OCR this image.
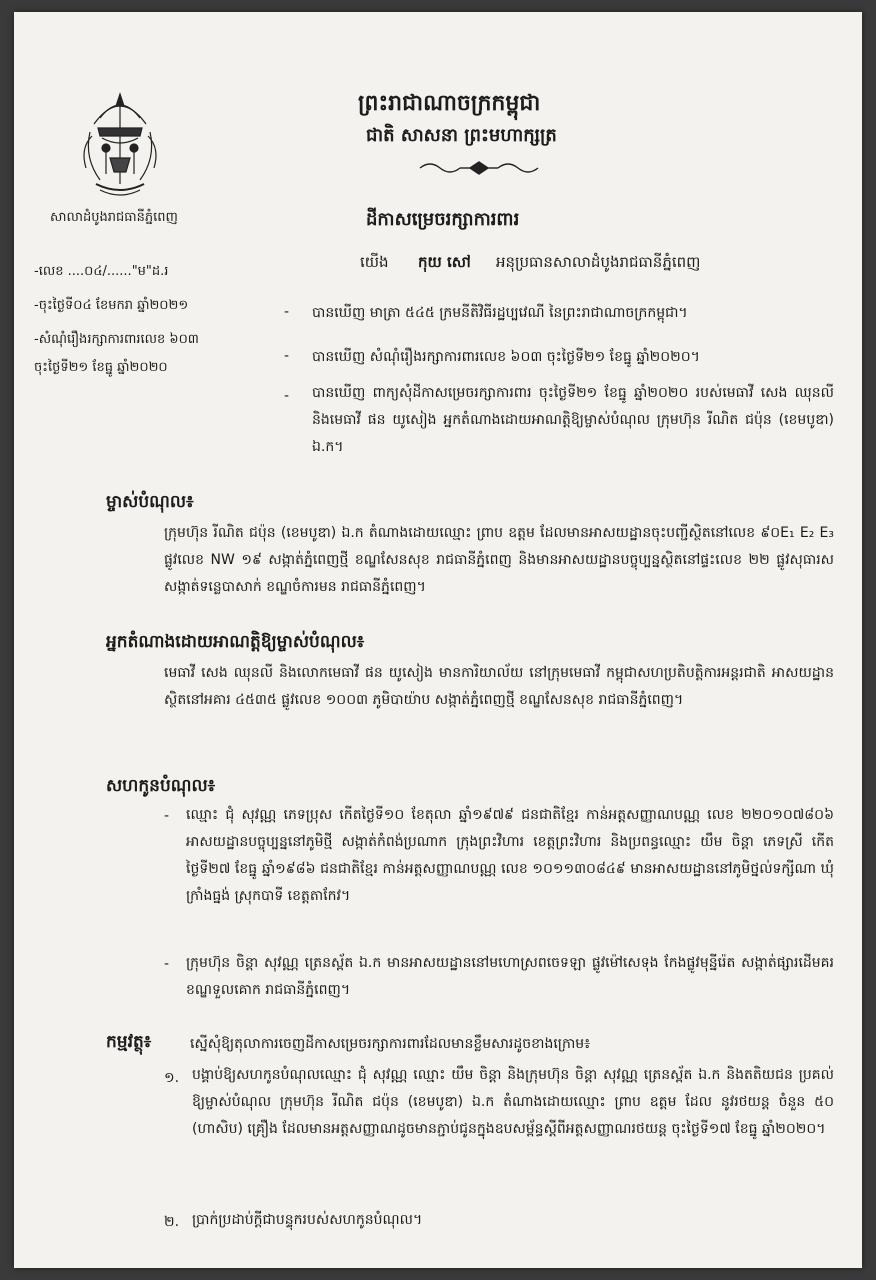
សាលាដំបូងរាជធានីភ្នំពេញ
ព្រះរាជាណាចក្រកម្ពុជា
ជាតិ សាសនា ព្រះមហាក្សត្រ
ដីកាសម្រេចរក្សាការពារ
យើង កុយ សៅ អនុប្រធានសាលាដំបូងរាជធានីភ្នំពេញ
-លេខ ....០៤/......"ម"ដ.រ
-ចុះថ្ងៃទី០៤ ខែមករា ឆ្នាំ២០២១
-សំណុំរឿងរក្សាការពារលេខ ៦០៣
ចុះថ្ងៃទី២១ ខែធ្នូ ឆ្នាំ២០២០
- បានឃើញ មាត្រា ៥៤៥ ក្រមនីតិវិធីរដ្ឋប្បវេណី នៃព្រះរាជាណាចក្រកម្ពុជា។
- បានឃើញ សំណុំរឿងរក្សាការពារលេខ ៦០៣ ចុះថ្ងៃទី២១ ខែធ្នូ ឆ្នាំ២០២០។
- បានឃើញ ពាក្យសុំដីកាសម្រេចរក្សាការពារ ចុះថ្ងៃទី២១ ខែធ្នូ ឆ្នាំ២០២០ របស់មេធាវី សេង ឈុនលី និងមេធាវី ផន យូសៀង អ្នកតំណាងដោយអាណត្តិឱ្យម្ចាស់បំណុល ក្រុមហ៊ុន រីណិត ជប៉ុន (ខេមបូឌា) ឯ.ក។
ម្ចាស់បំណុល៖
ក្រុមហ៊ុន រីណិត ជប៉ុន (ខេមបូឌា) ឯ.ក តំណាងដោយឈ្មោះ ព្រាប ឧត្តម ដែលមានអាសយដ្ឋានចុះបញ្ជីស្ថិតនៅលេខ ៩០E₁ E₂ E₃ ផ្លូវលេខ NW ១៩ សង្កាត់ភ្នំពេញថ្មី ខណ្ឌសែនសុខ រាជធានីភ្នំពេញ និងមានអាសយដ្ឋានបច្ចុប្បន្នស្ថិតនៅផ្ទះលេខ ២២ ផ្លូវសុធារស សង្កាត់ទន្លេបាសាក់ ខណ្ឌចំការមន រាជធានីភ្នំពេញ។
អ្នកតំណាងដោយអាណត្តិឱ្យម្ចាស់បំណុល៖
មេធាវី សេង ឈុនលី និងលោកមេធាវី ផន យូសៀង មានការិយាល័យ នៅក្រុមមេធាវី កម្ពុជាសហប្រតិបត្តិការអន្តរជាតិ អាសយដ្ឋានស្ថិតនៅអគារ ៤៥៣៥ ផ្លូវលេខ ១០០៣ ភូមិបាយ៉ាប សង្កាត់ភ្នំពេញថ្មី ខណ្ឌសែនសុខ រាជធានីភ្នំពេញ។
សហកូនបំណុល៖
- ឈ្មោះ ជុំ សុវណ្ណ ភេទប្រុស កើតថ្ងៃទី១០ ខែតុលា ឆ្នាំ១៩៧៩ ជនជាតិខ្មែរ កាន់អត្តសញ្ញាណបណ្ណ លេខ ២២០១០៧៨០៦ អាសយដ្ឋានបច្ចុប្បន្ននៅភូមិថ្មី សង្កាត់កំពង់ប្រណាក ក្រុងព្រះវិហារ ខេត្តព្រះវិហារ និងប្រពន្ធឈ្មោះ យឹម ចិន្តា ភេទស្រី កើតថ្ងៃទី២៧ ខែធ្នូ ឆ្នាំ១៩៨៦ ជនជាតិខ្មែរ កាន់អត្តសញ្ញាណបណ្ណ លេខ ១០១១៣០៨៤៩ មានអាសយដ្ឋាននៅភូមិថ្នល់ទក្សីណា ឃុំក្រាំងធ្នង់ ស្រុកបាទី ខេត្តតាកែវ។
- ក្រុមហ៊ុន ចិន្តា សុវណ្ណ ត្រេនស្ព័ត ឯ.ក មានអាសយដ្ឋាននៅមហោស្រពចេទឡា ផ្លូវម៉ៅសេទុង កែងផ្លូវមុន្នីរ៉េត សង្កាត់ផ្សារដើមគរ ខណ្ឌទួលគោក រាជធានីភ្នំពេញ។
កម្មវត្ថុ៖	ស្នើសុំឱ្យតុលាការចេញដីកាសម្រេចរក្សាការពារដែលមានខ្លឹមសារដូចខាងក្រោម៖
១. បង្គាប់ឱ្យសហកូនបំណុលឈ្មោះ ជុំ សុវណ្ណ ឈ្មោះ យឹម ចិន្តា និងក្រុមហ៊ុន ចិន្តា សុវណ្ណ ត្រេនស្ព័ត ឯ.ក និងតតិយជន ប្រគល់ឱ្យម្ចាស់បំណុល ក្រុមហ៊ុន រីណិត ជប៉ុន (ខេមបូឌា) ឯ.ក តំណាងដោយឈ្មោះ ព្រាប ឧត្តម ដែល នូវរថយន្ត ចំនួន ៥០ (ហាសិប) គ្រឿង ដែលមានអត្តសញ្ញាណដូចមានភ្ជាប់ជូនក្នុងឧបសម្ព័ន្ធស្ដីពីអត្តសញ្ញាណរថយន្ត ចុះថ្ងៃទី១៧ ខែធ្នូ ឆ្នាំ២០២០។
២. ប្រាក់ប្រដាប់ក្ដីជាបន្ទុករបស់សហកូនបំណុល។
